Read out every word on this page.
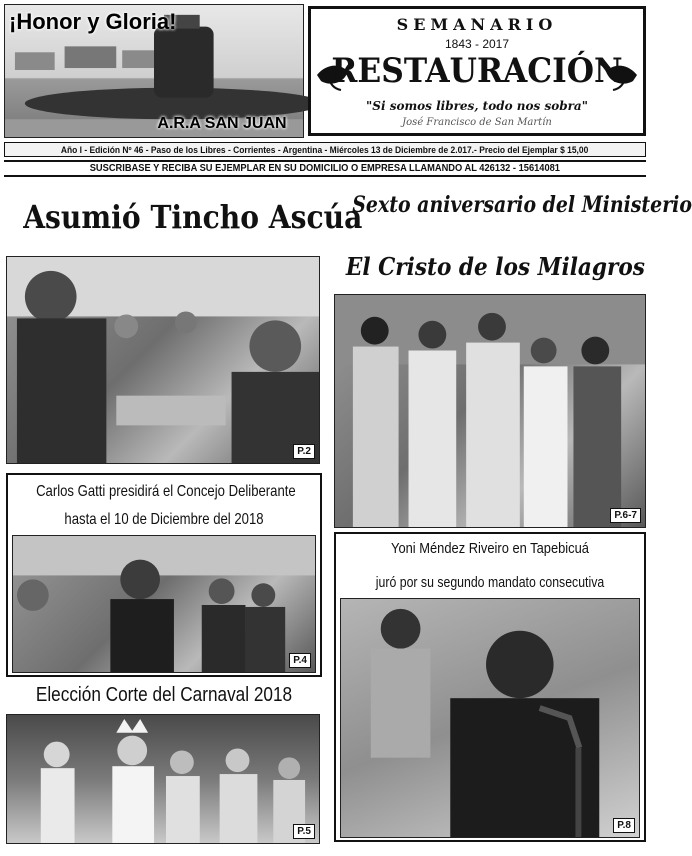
¡Honor y Gloria!
A.R.A SAN JUAN
SEMANARIO
1843 - 2017
RESTAURACIÓN
"Si somos libres, todo nos sobra"
José Francisco de San Martín
Año I - Edición Nº 46 - Paso de los Libres - Corrientes - Argentina - Miércoles 13 de Diciembre de 2.017.- Precio del Ejemplar $ 15,00
SUSCRIBASE Y RECIBA SU EJEMPLAR EN SU DOMICILIO O EMPRESA LLAMANDO AL 426132 - 15614081
Asumió Tincho Ascúa
P.2
Sexto aniversario del Ministerio
El Cristo de los Milagros
P.6-7
Carlos Gatti presidirá el Concejo Deliberante
hasta el 10 de Diciembre del 2018
P.4
Yoni Méndez Riveiro en Tapebicuá
juró por su segundo mandato consecutiva
P.8
Elección Corte del Carnaval 2018
P.5
